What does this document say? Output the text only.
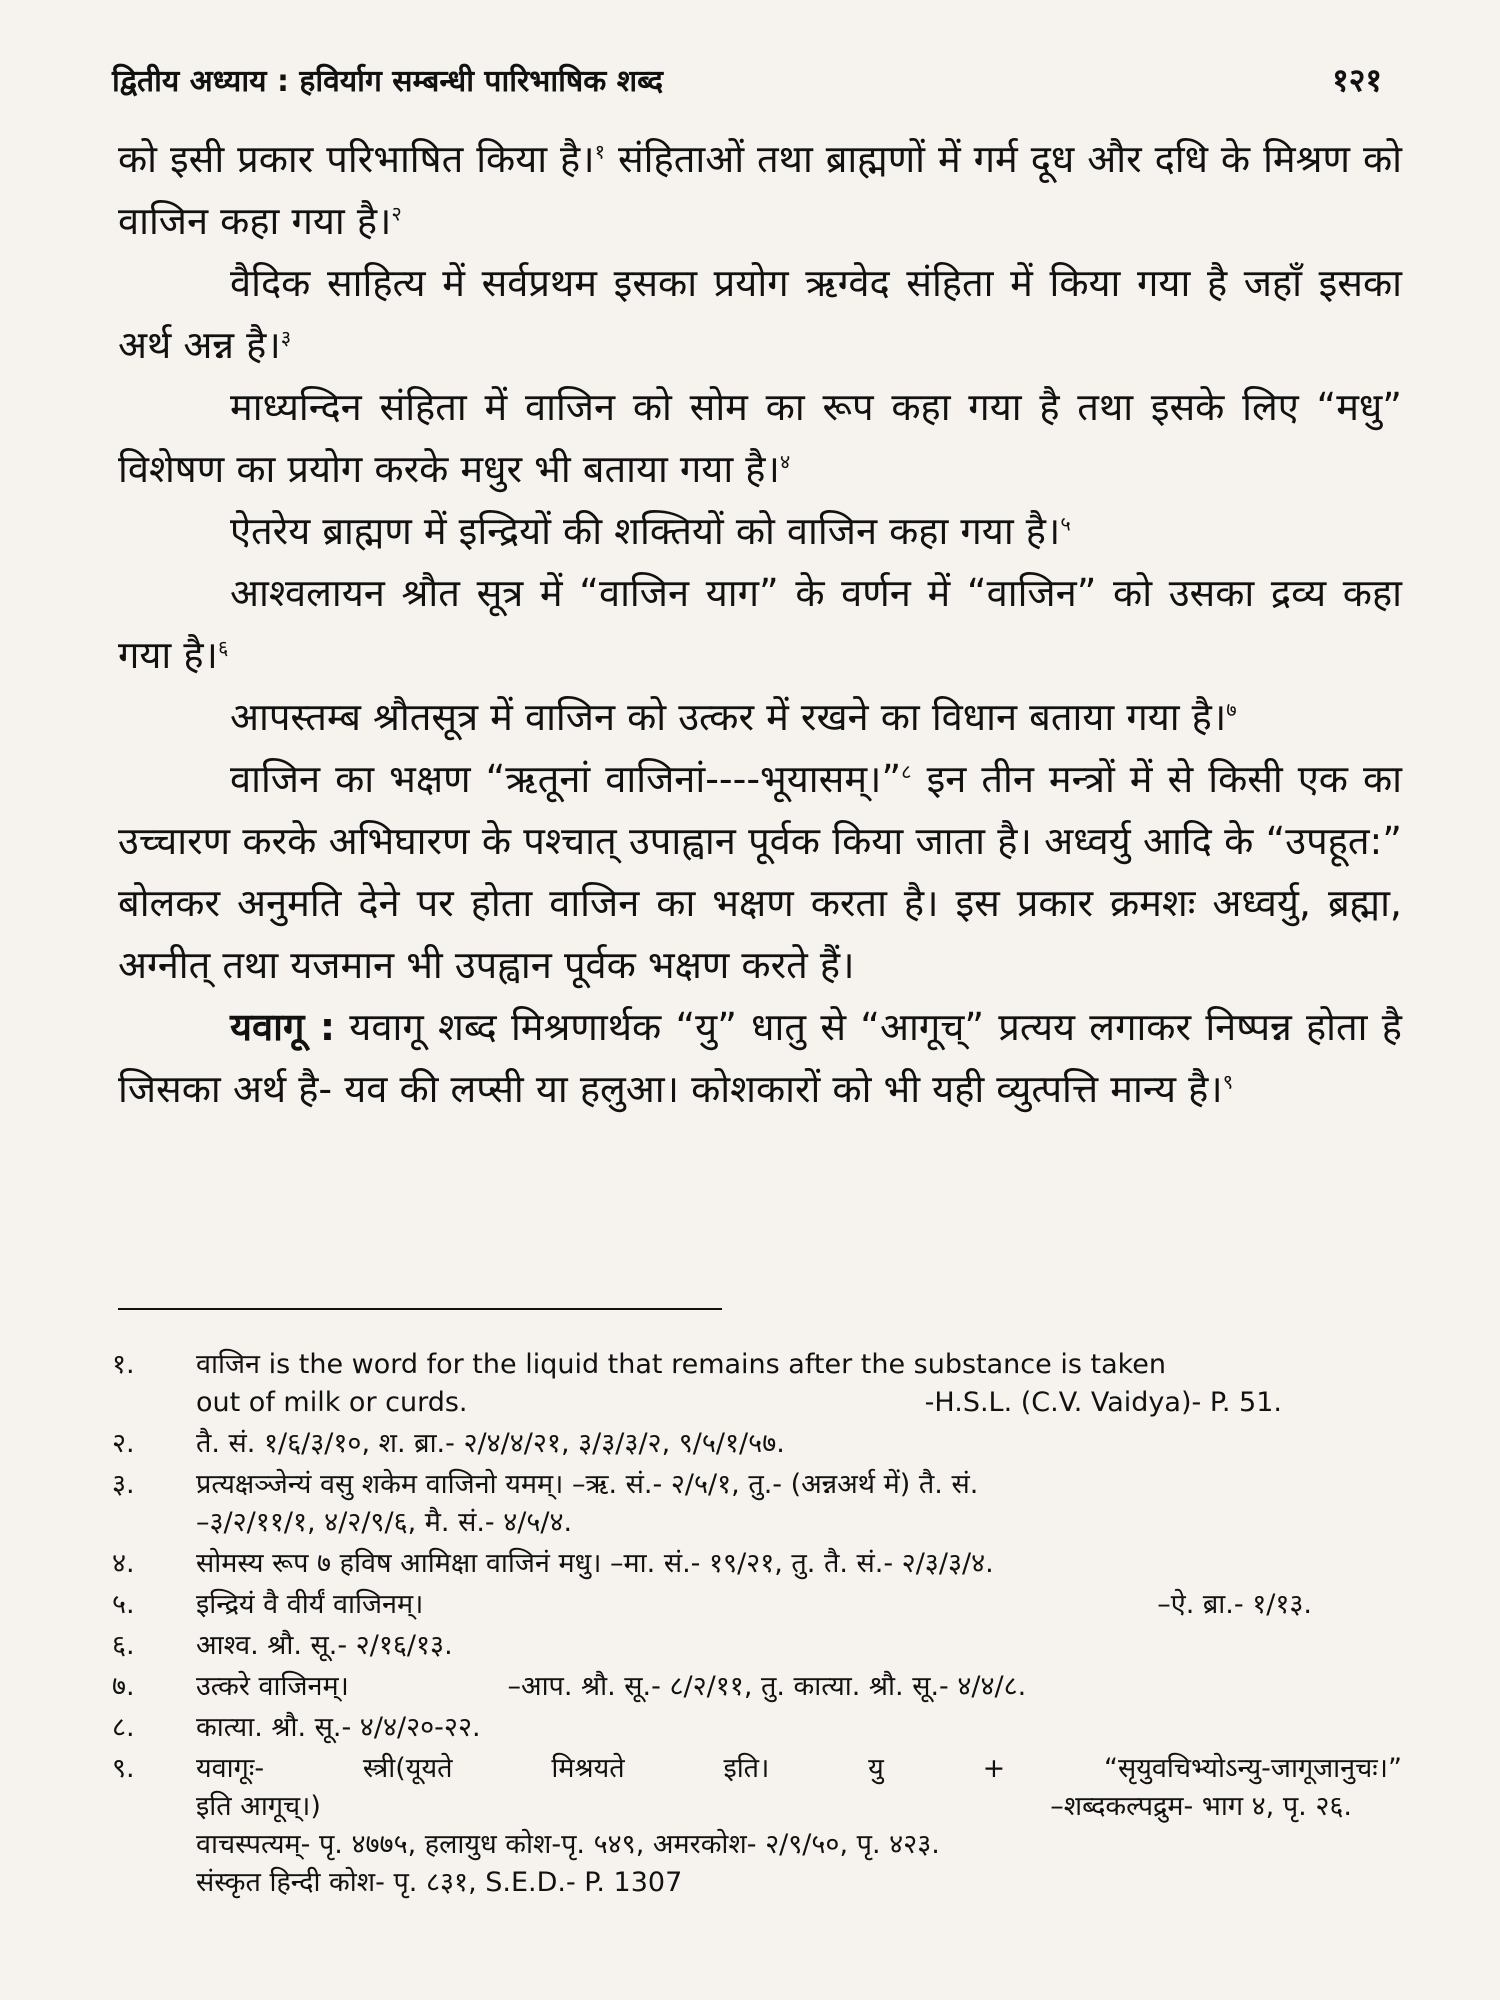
द्वितीय अध्याय : हविर्याग सम्बन्धी पारिभाषिक शब्द	१२१

को इसी प्रकार परिभाषित किया है।$^१$ संहिताओं तथा ब्राह्मणों में गर्म दूध और दधि के मिश्रण को वाजिन कहा गया है।$^२$

वैदिक साहित्य में सर्वप्रथम इसका प्रयोग ऋग्वेद संहिता में किया गया है जहाँ इसका अर्थ अन्न है।$^३$

माध्यन्दिन संहिता में वाजिन को सोम का रूप कहा गया है तथा इसके लिए “मधु” विशेषण का प्रयोग करके मधुर भी बताया गया है।$^४$

ऐतरेय ब्राह्मण में इन्द्रियों की शक्तियों को वाजिन कहा गया है।$^५$

आश्वलायन श्रौत सूत्र में “वाजिन याग” के वर्णन में “वाजिन” को उसका द्रव्य कहा गया है।$^६$

आपस्तम्ब श्रौतसूत्र में वाजिन को उत्कर में रखने का विधान बताया गया है।$^७$

वाजिन का भक्षण “ऋतूनां वाजिनां----भूयासम्।”$^८$ इन तीन मन्त्रों में से किसी एक का उच्चारण करके अभिघारण के पश्चात् उपाह्वान पूर्वक किया जाता है। अध्वर्यु आदि के “उपहूत:” बोलकर अनुमति देने पर होता वाजिन का भक्षण करता है। इस प्रकार क्रमशः अध्वर्यु, ब्रह्मा, अग्नीत् तथा यजमान भी उपह्वान पूर्वक भक्षण करते हैं।

यवागू : यवागू शब्द मिश्रणार्थक “यु” धातु से “आगूच्” प्रत्यय लगाकर निष्पन्न होता है जिसका अर्थ है- यव की लप्सी या हलुआ। कोशकारों को भी यही व्युत्पत्ति मान्य है।$^९$

१.	वाजिन is the word for the liquid that remains after the substance is taken
out of milk or curds.	-H.S.L. (C.V. Vaidya)- P. 51.
२.	तै. सं. १/६/३/१०, श. ब्रा.- २/४/४/२१, ३/३/३/२, ९/५/१/५७.
३.	प्रत्यक्षञ्जेन्यं वसु शकेम वाजिनो यमम्। –ऋ. सं.- २/५/१, तु.- (अन्नअर्थ में) तै. सं.
–३/२/११/१, ४/२/९/६, मै. सं.- ४/५/४.
४.	सोमस्य रूप ७ हविष आमिक्षा वाजिनं मधु। –मा. सं.- १९/२१, तु. तै. सं.- २/३/३/४.
५.	इन्द्रियं वै वीर्यं वाजिनम्।	–ऐ. ब्रा.- १/१३.
६.	आश्व. श्रौ. सू.- २/१६/१३.
७.	उत्करे वाजिनम्।	–आप. श्रौ. सू.- ८/२/११, तु. कात्या. श्रौ. सू.- ४/४/८.
८.	कात्या. श्रौ. सू.- ४/४/२०-२२.
९.	यवागूः-	स्त्री(यूयते	मिश्रयते	इति।	यु	+	“सृयुवचिभ्योऽन्यु-जागूजानुचः।”
इति आगूच्।)	–शब्दकल्पद्रुम- भाग ४, पृ. २६.
वाचस्पत्यम्- पृ. ४७७५, हलायुध कोश-पृ. ५४९, अमरकोश- २/९/५०, पृ. ४२३.
संस्कृत हिन्दी कोश- पृ. ८३१, S.E.D.- P. 1307
